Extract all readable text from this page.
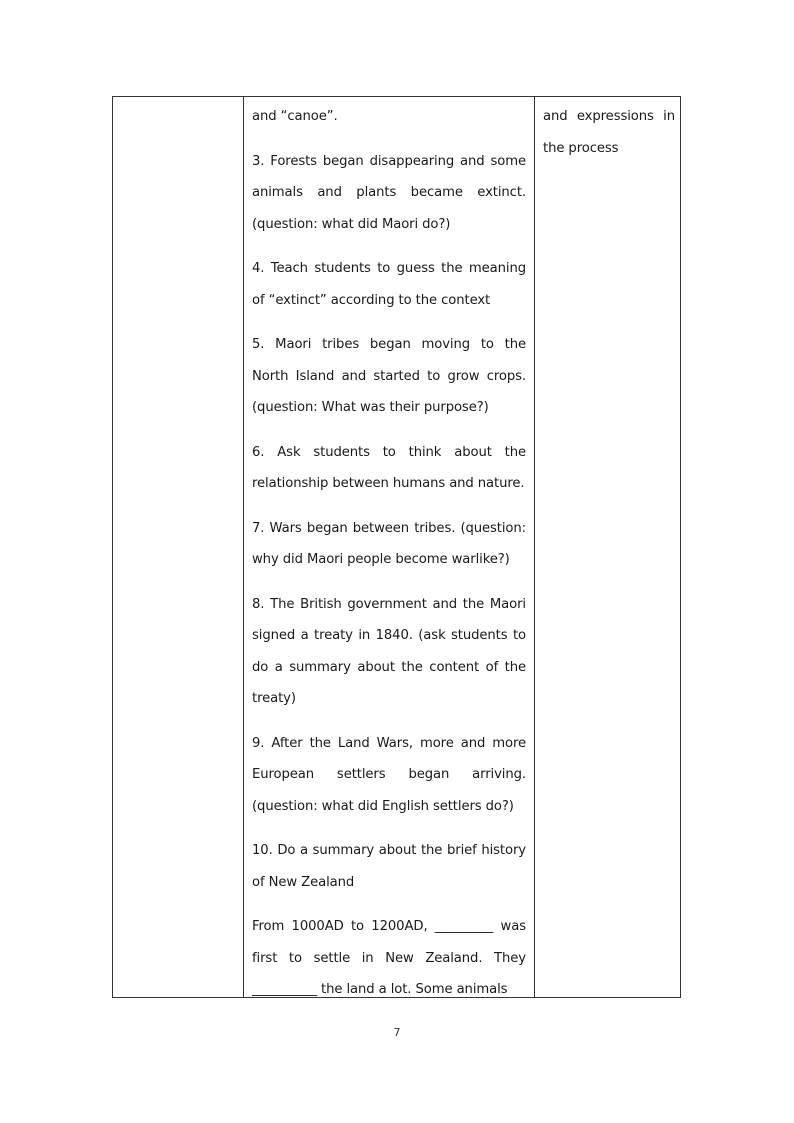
and “canoe”.

3. Forests began disappearing and some animals and plants became extinct. (question: what did Maori do?)

4. Teach students to guess the meaning of “extinct” according to the context

5. Maori tribes began moving to the North Island and started to grow crops. (question: What was their purpose?)

6. Ask students to think about the relationship between humans and nature.

7. Wars began between tribes. (question: why did Maori people become warlike?)

8. The British government and the Maori signed a treaty in 1840. (ask students to do a summary about the content of the treaty)

9. After the Land Wars, more and more European settlers began arriving. (question: what did English settlers do?)

10. Do a summary about the brief history of New Zealand

From 1000AD to 1200AD, _________ was first to settle in New Zealand. They __________ the land a lot. Some animals

and expressions in the process

7
